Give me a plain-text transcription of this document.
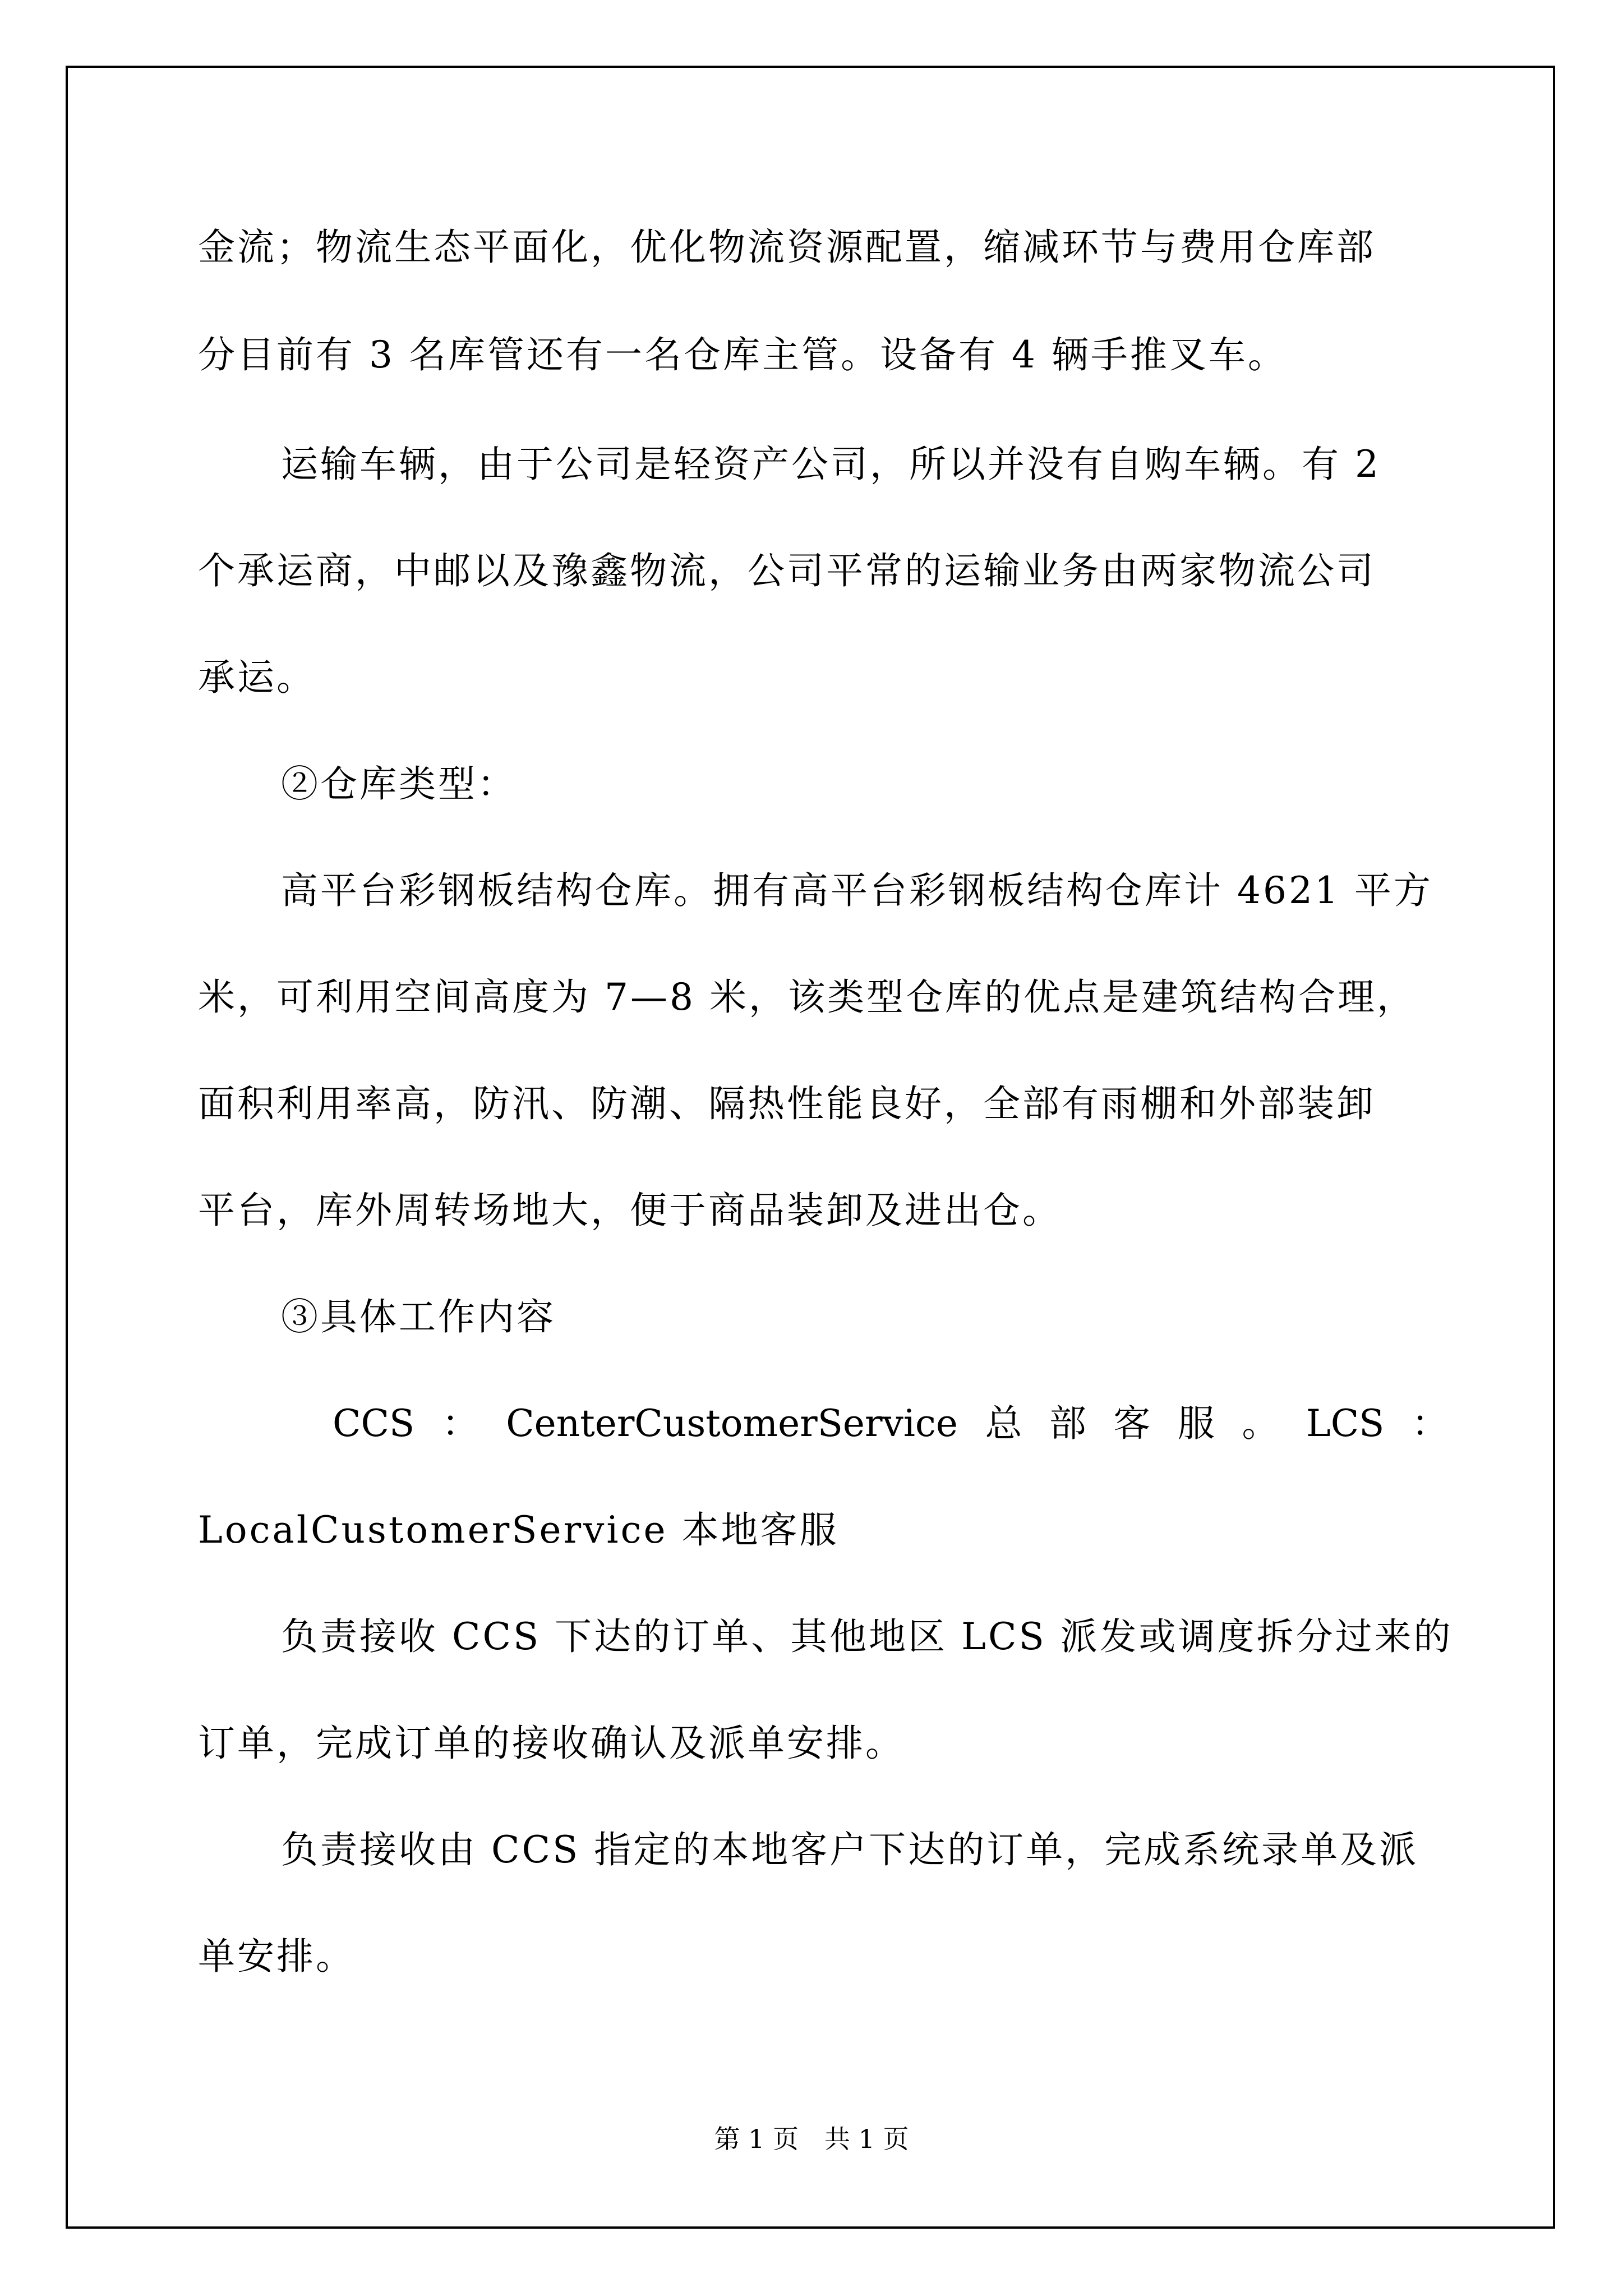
金流；物流生态平面化，优化物流资源配置，缩减环节与费用仓库部
分目前有 3 名库管还有一名仓库主管。设备有 4 辆手推叉车。
运输车辆，由于公司是轻资产公司，所以并没有自购车辆。有 2
个承运商，中邮以及豫鑫物流，公司平常的运输业务由两家物流公司
承运。
②仓库类型：
高平台彩钢板结构仓库。拥有高平台彩钢板结构仓库计 4621 平方
米，可利用空间高度为 7—8 米，该类型仓库的优点是建筑结构合理，
面积利用率高，防汛、防潮、隔热性能良好，全部有雨棚和外部装卸
平台，库外周转场地大，便于商品装卸及进出仓。
③具体工作内容
CCS ： CenterCustomerService 总 部 客 服 。 LCS ：
LocalCustomerService 本地客服
负责接收 CCS 下达的订单、其他地区 LCS 派发或调度拆分过来的
订单，完成订单的接收确认及派单安排。
负责接收由 CCS 指定的本地客户下达的订单，完成系统录单及派
单安排。
第 1 页　共 1 页
